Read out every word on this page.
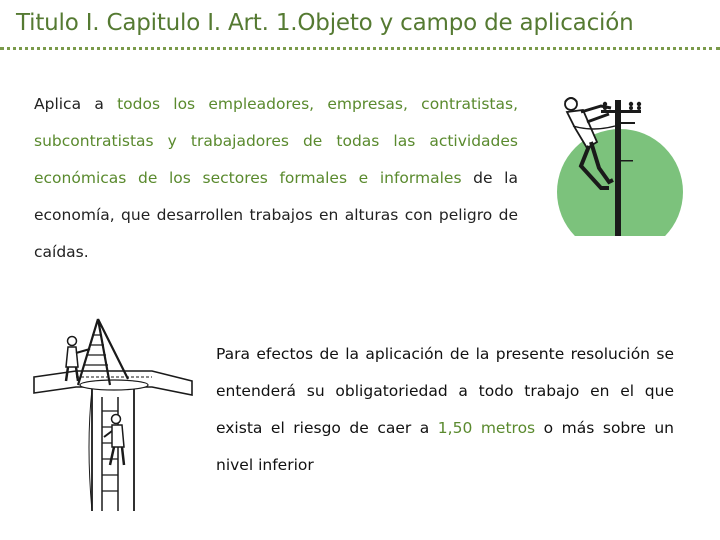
Titulo I. Capitulo I. Art. 1.Objeto y campo de aplicación
Aplica a todos los empleadores, empresas, contratistas, subcontratistas y trabajadores de todas las actividades económicas de los sectores formales e informales de la economía, que desarrollen trabajos en alturas con peligro de caídas.
Para efectos de la aplicación de la presente resolución se entenderá su obligatoriedad a todo trabajo en el que exista el riesgo de caer a 1,50 metros o más sobre un nivel inferior
